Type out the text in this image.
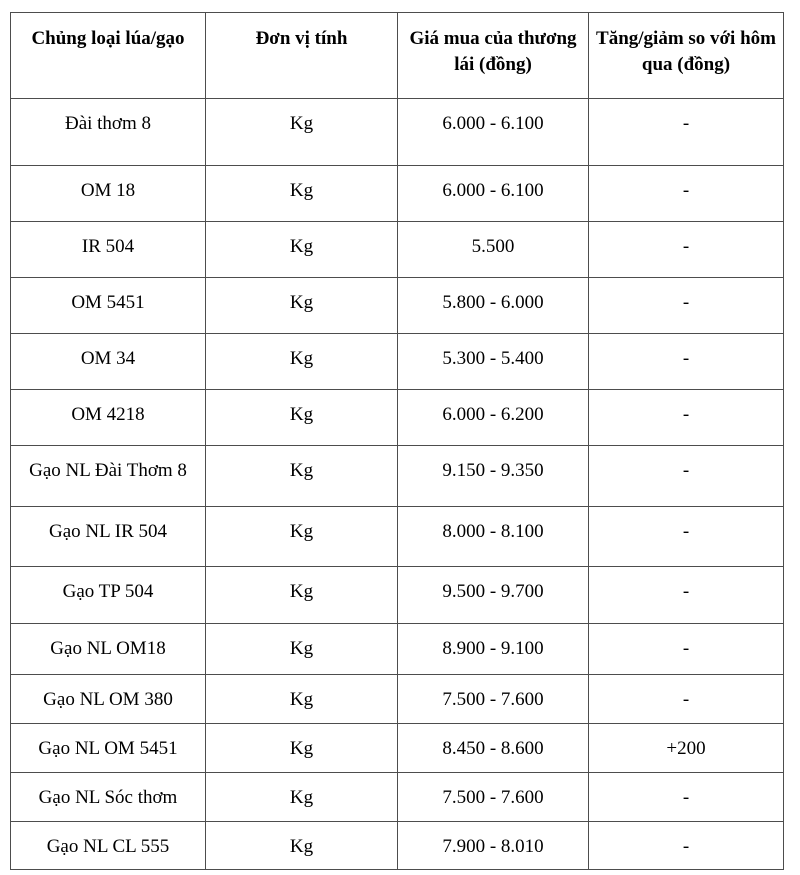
Chủng loại lúa/gạo	Đơn vị tính	Giá mua của thương lái (đồng)	Tăng/giảm so với hôm qua (đồng)
Đài thơm 8	Kg	6.000 - 6.100	-
OM 18	Kg	6.000 - 6.100	-
IR 504	Kg	5.500	-
OM 5451	Kg	5.800 - 6.000	-
OM 34	Kg	5.300 - 5.400	-
OM 4218	Kg	6.000 - 6.200	-
Gạo NL Đài Thơm 8	Kg	9.150 - 9.350	-
Gạo NL IR 504	Kg	8.000 - 8.100	-
Gạo TP 504	Kg	9.500 - 9.700	-
Gạo NL OM18	Kg	8.900 - 9.100	-
Gạo NL OM 380	Kg	7.500 - 7.600	-
Gạo NL OM 5451	Kg	8.450 - 8.600	+200
Gạo NL Sóc thơm	Kg	7.500 - 7.600	-
Gạo NL CL 555	Kg	7.900 - 8.010	-
